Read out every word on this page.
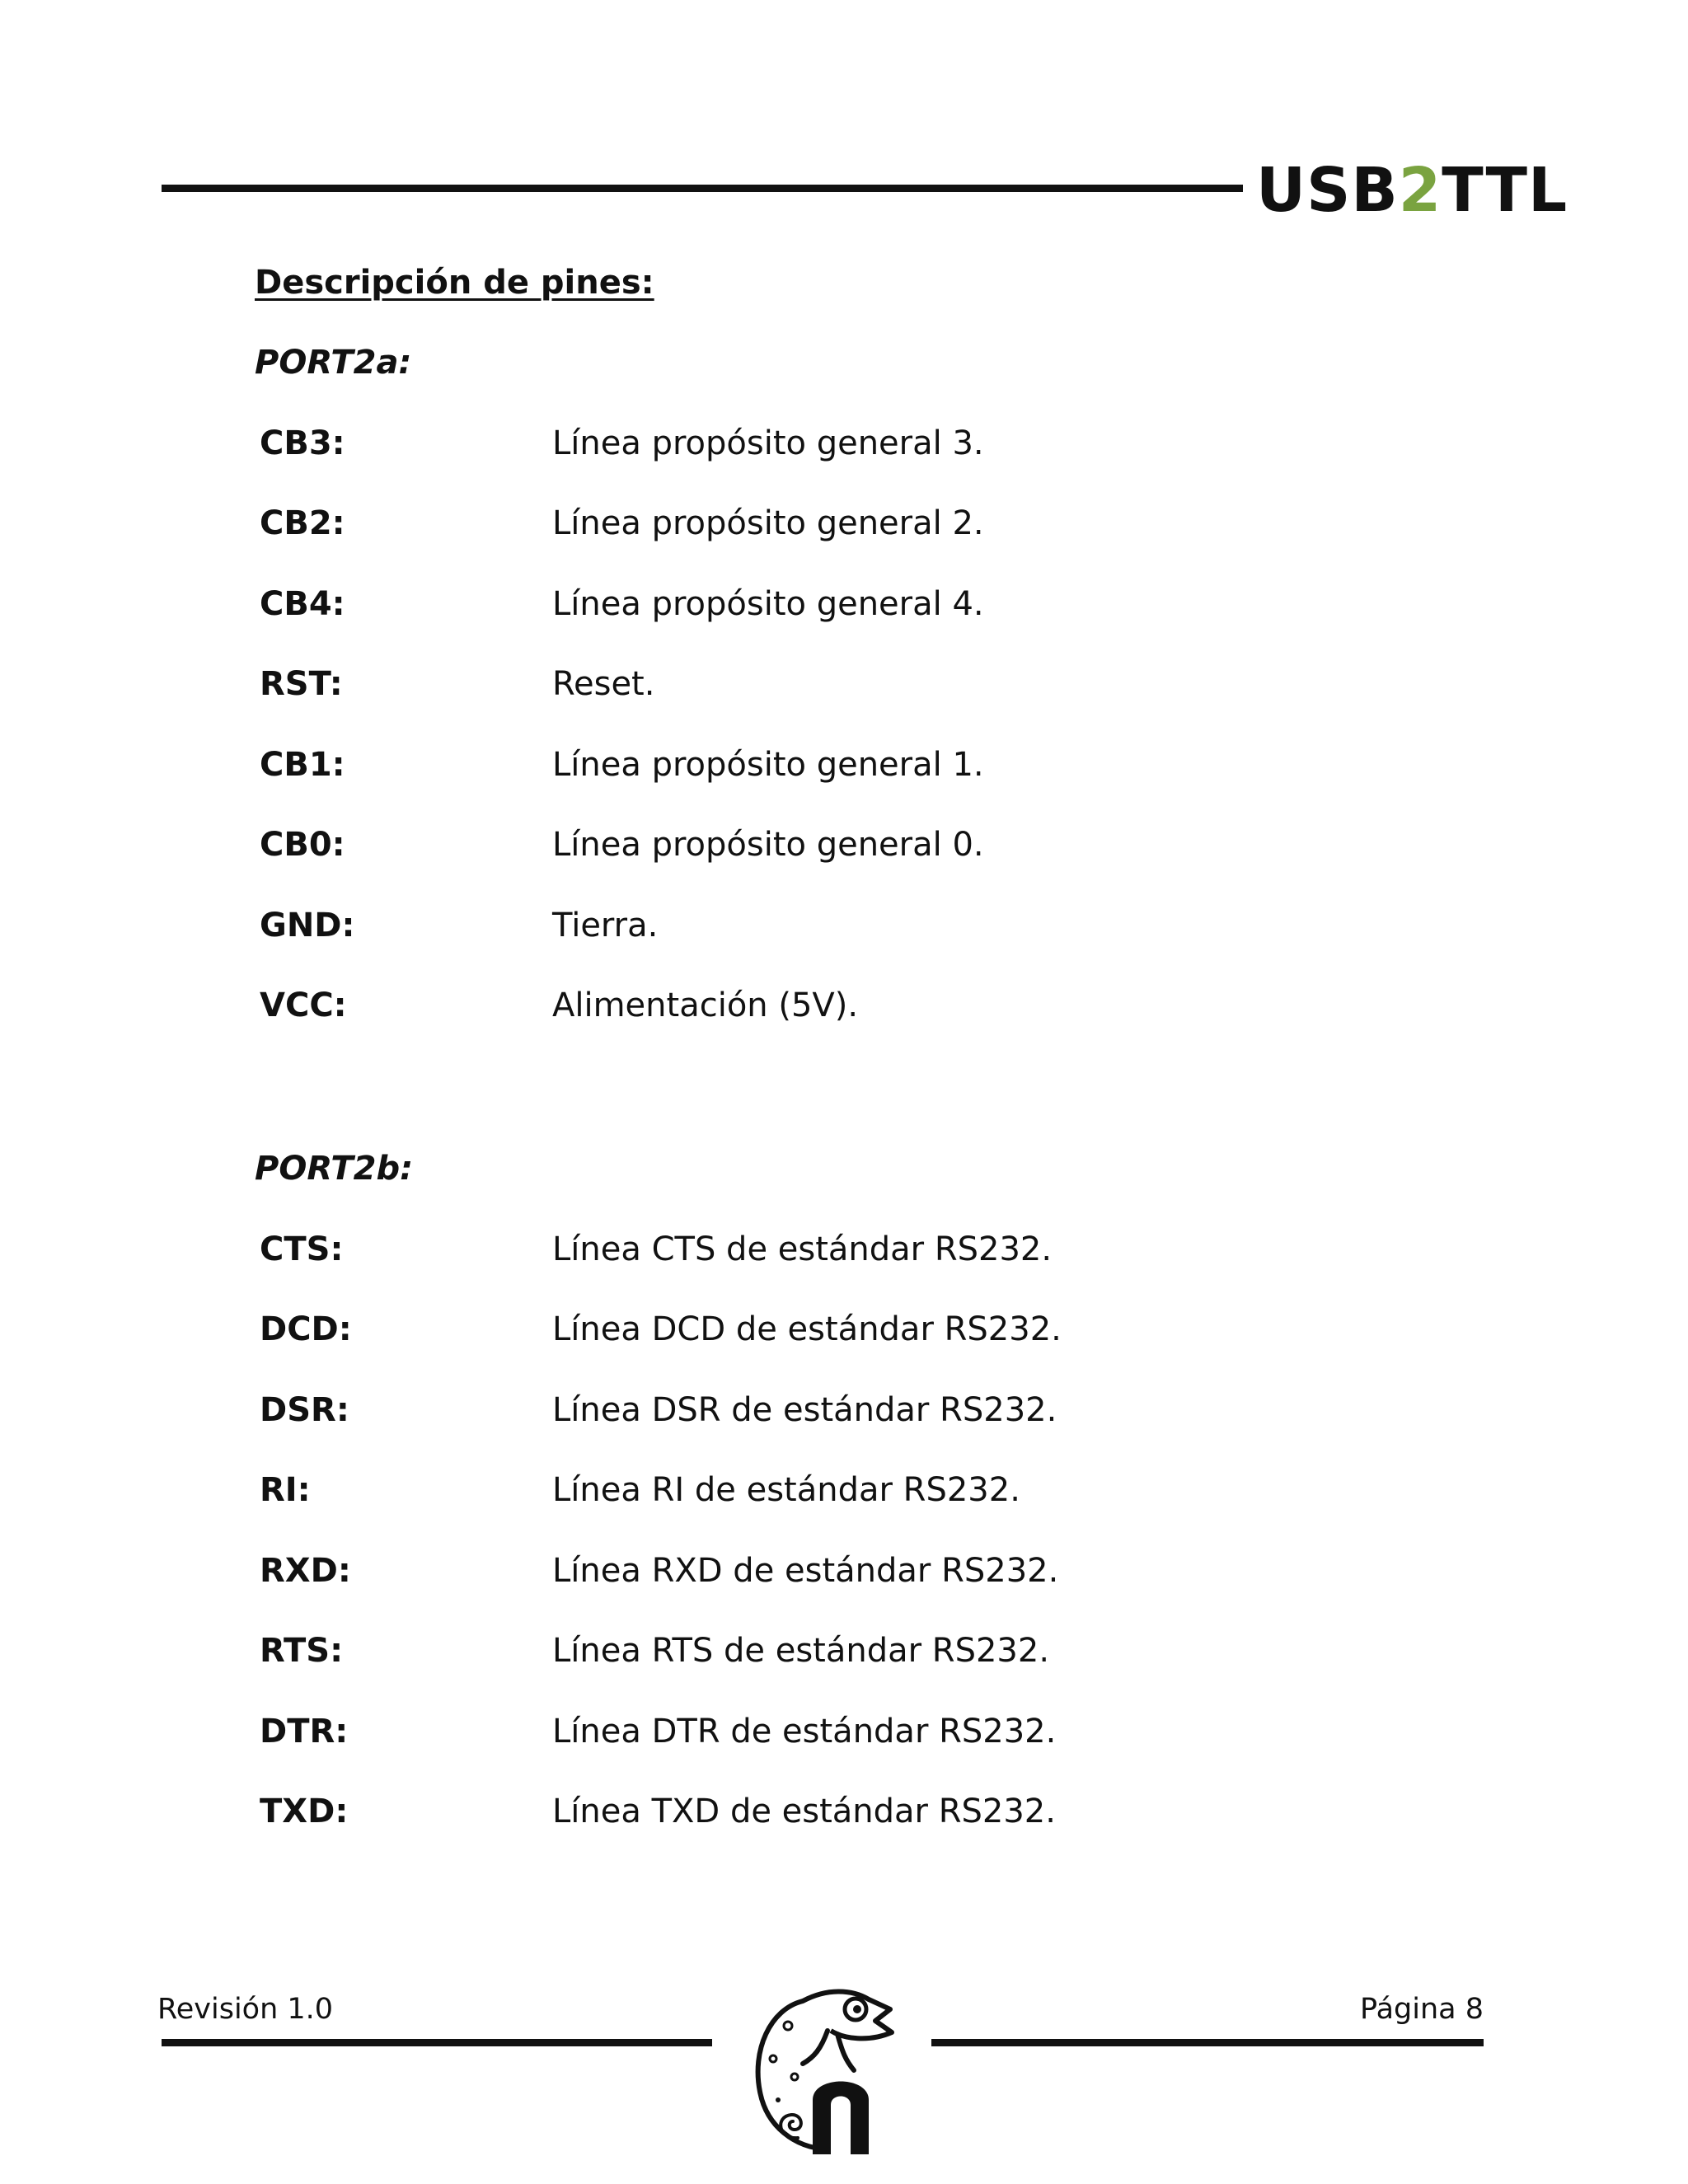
USB2TTL
Descripción de pines:
PORT2a:
CB3:	Línea propósito general 3.
CB2:	Línea propósito general 2.
CB4:	Línea propósito general 4.
RST:	Reset.
CB1:	Línea propósito general 1.
CB0:	Línea propósito general 0.
GND:	Tierra.
VCC:	Alimentación (5V).
PORT2b:
CTS:	Línea CTS de estándar RS232.
DCD:	Línea DCD de estándar RS232.
DSR:	Línea DSR de estándar RS232.
RI:	Línea RI de estándar RS232.
RXD:	Línea RXD de estándar RS232.
RTS:	Línea RTS de estándar RS232.
DTR:	Línea DTR de estándar RS232.
TXD:	Línea TXD de estándar RS232.
Revisión 1.0	Página 8
